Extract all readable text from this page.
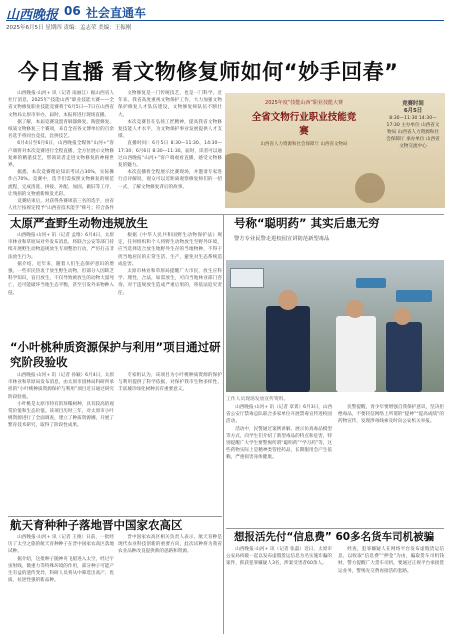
山西晚报 06 社会直通车
2025年6月5日 星期四 责编：孟志荣 美编：王振刚
今日直播 看文物修复师如何“妙手回春”

山西晚报·山河+ 讯（记者 南丽江）据山西省人社厅消息，2025年“技能山西”职业技能大赛——全省文物修复职业技能竞赛将于6月5日—7日在山西省文物局太原市举办，届时，本报将进行现场直播。

据了解，本届竞赛设置青铜器修复、陶瓷修复、纸质文物修复三个赛项，来自全省各文博单位的百余名选手将同台竞技，比拼技艺。

6月4日至6月6日，山西晚报全媒体“山河+”客户端将对本次竞赛进行全程直播，全方位展示文物修复师的精湛技艺，带领读者走进文物修复的神秘世界。

据悉，本次竞赛理论知识考试占30%，实际操作占70%。竞赛中，选手们需按照文物修复的规范流程，完成清洗、拼接、补配、加固、做旧等工序，让残损的文物重新焕发光彩。

竞赛结束后，对获得各赛项前三名的选手，由省人社厅按规定授予“山西省技术能手”称号；符合条件

文物修复是一门传统技艺，也是一门科学。近年来，我省高度重视文物保护工作，大力加强文物保护修复人才队伍建设，文物修复师队伍不断壮大。

本次竞赛旨在弘扬工匠精神，提高我省文物修复技能人才水平，为文物保护事业发展提供人才支撑。

直播时间：6月5日 8:30—11:30、14:30—17:30；6月6日 8:30—11:30。届时，读者可以通过山西晚报“山河+”客户端观看直播，感受文物修复的魅力。

本次直播将全程展示比赛现场，并邀请专家进行点评解说，观众可以近距离观察修复师们的一招一式，了解文物修复背后的故事。

2025年度“技能山西”职业技能大赛
全省文物行业职业技能竞赛
山西省人力资源和社会保障厅 山西省文物局
竞赛时间
6月5日
8:30—11:30 14:30—17:30 主办单位 山西省文物局 山西省人力资源和社会保障厅 承办单位 山西省文物交流中心
太原严查野生动物违规放生

山西晚报·山河+ 讯（记者 孟维）6月4日，太原市林业和草原局对外发布消息，将联合公安等部门持续开展野生动物违规放生专项整治行动，严厉打击非法放生行为。

据介绍，近年来，随着人们生态保护意识的增强，一些市民热衷于放生野生动物，但部分人因缺乏科学知识，盲目放生，不仅导致被放生的动物大量死亡，还可能破坏当地生态平衡，甚至引发外来物种入侵。

根据《中华人民共和国野生动物保护法》规定，任何组织和个人将野生动物放生至野外环境，应当选择适合放生地野外生存的当地物种，不得干扰当地居民的正常生活、生产，避免对生态系统造成危害。

太原市林业和草原局提醒广大市民，放生应科学、理性、合法，如需放生，可向当地林业部门咨询。对于违规放生造成严重后果的，将依法追究责任。

号称“聪明药” 其实后患无穷
警方专业民警走进校园宣讲防范新型毒品
工作人员现场发放宣传资料。
“小叶桃种质资源保护与利用”项目通过研究阶段验收

山西晚报·山河+ 讯（记者 孙颖）6月4日，太原市林业和草原局发布消息，由太原市园林局科研所承担的“小叶桃种质资源保护与利用”项目近日通过研究阶段验收。

小叶桃是太原市特有的珍稀树种，具有较高的观赏价值和生态价值。该项目历时三年，对太原市小叶桃资源进行了全面调查，建立了种质资源圃，开展了繁育技术研究，取得了阶段性成果。

专家组认为，该项目为小叶桃种质资源的保护与利用提供了科学依据，对保护我市生物多样性、丰富城市绿化树种具有重要意义。

山西晚报·山河+ 讯（记者 章菁）6月3日，山西省公安厅禁毒总队联合多家单位开展禁毒宣传进校园活动。

活动中，民警通过案例讲解、展示仿真毒品模型等方式，向学生们介绍了新型毒品的特点和危害，特别提醒广大学生要警惕所谓“聪明药”“学习药”等，这些药物实际上是精神类管控药品，长期服用会产生依赖，严重损害身体健康。

民警提醒，青少年要增强自我保护意识，坚决拒绝毒品，不要轻信网络上所谓的“提神”“提高成绩”的药物宣传，发现涉毒线索及时向公安机关举报。

航天育种种子落地晋中国家农高区

山西晚报·山河+ 讯（记者 王俊）日前，一批经历了太空之旅的航天育种种子在晋中国家农高区落地试种。

据介绍，这批种子随神舟飞船进入太空，经过宇宙射线、微重力等特殊环境的作用，部分种子可能产生有益的遗传变异，科研人员将从中筛选出高产、优质、抗逆性强的新品种。

晋中国家农高区相关负责人表示，航天育种是现代农业科技创新的重要方向，此次试种将为我省农业品种改良提供新的思路和资源。

想报活先付“信息费” 60多名货车司机被骗

山西晚报·山河+ 讯（记者 张磊）近日，太原市公安局侦破一起以发布虚假货运信息为名实施诈骗的案件，抓获犯罪嫌疑人3名，涉案受害者60余人。

经查，犯罪嫌疑人在网络平台发布虚假货运信息，以收取“信息费”“押金”为由，骗取货车司机钱财。警方提醒广大货车司机，要通过正规平台承接货运业务，警惕先交费再接活的套路。
